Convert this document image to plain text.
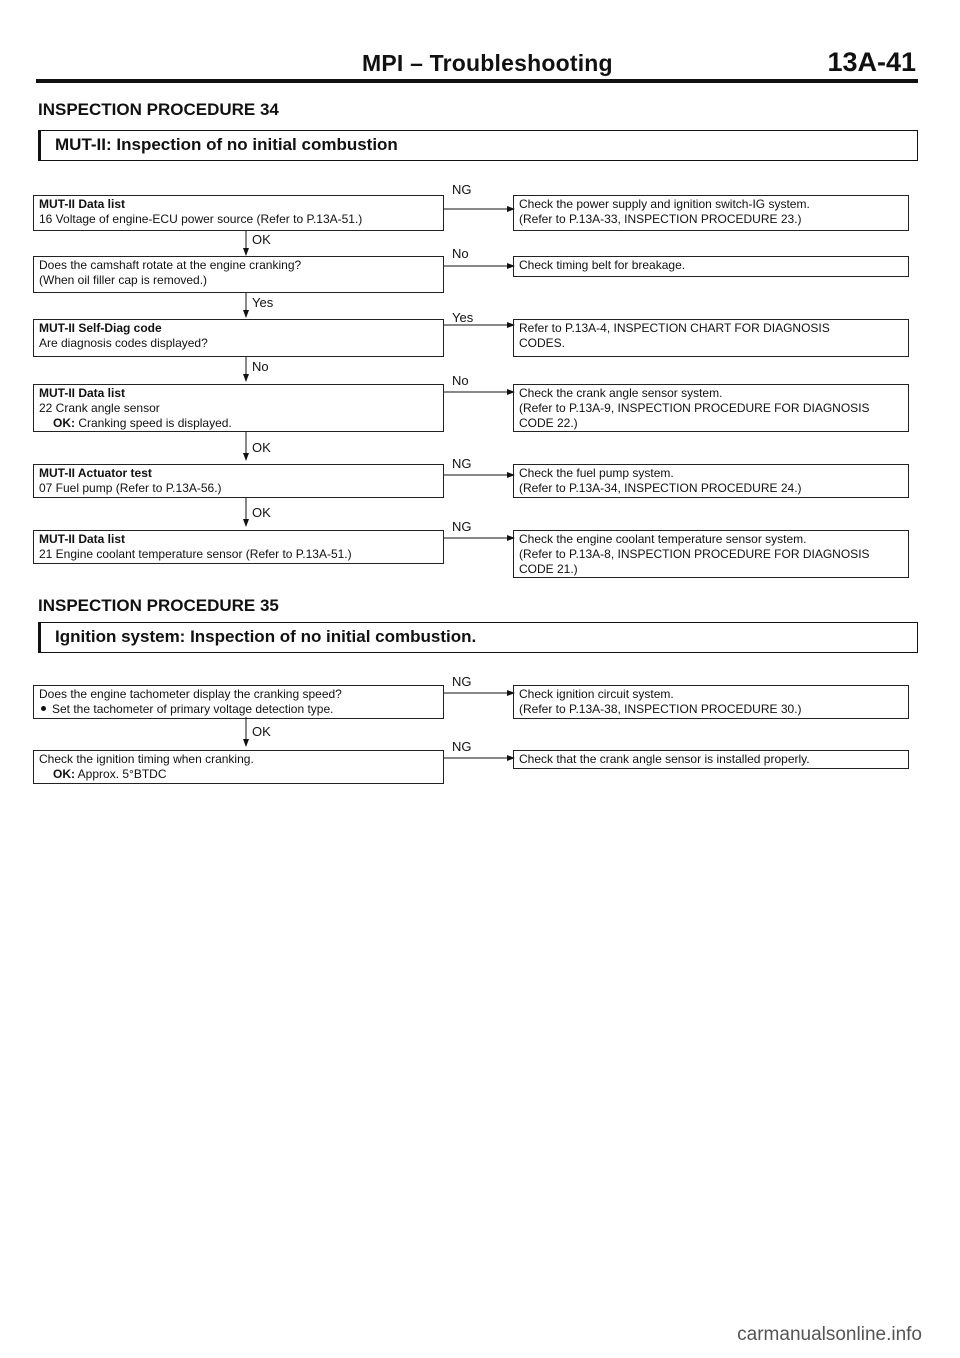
MPI – Troubleshooting	13A-41
INSPECTION PROCEDURE 34
MUT-II: Inspection of no initial combustion
MUT-II Data list
16 Voltage of engine-ECU power source (Refer to P.13A-51.)
NG
Check the power supply and ignition switch-IG system.
(Refer to P.13A-33, INSPECTION PROCEDURE 23.)
OK
Does the camshaft rotate at the engine cranking?
(When oil filler cap is removed.)
No
Check timing belt for breakage.
Yes
MUT-II Self-Diag code
Are diagnosis codes displayed?
Yes
Refer to P.13A-4, INSPECTION CHART FOR DIAGNOSIS
CODES.
No
MUT-II Data list
22 Crank angle sensor
OK: Cranking speed is displayed.
No
Check the crank angle sensor system.
(Refer to P.13A-9, INSPECTION PROCEDURE FOR DIAGNOSIS
CODE 22.)
OK
MUT-II Actuator test
07 Fuel pump (Refer to P.13A-56.)
NG
Check the fuel pump system.
(Refer to P.13A-34, INSPECTION PROCEDURE 24.)
OK
MUT-II Data list
21 Engine coolant temperature sensor (Refer to P.13A-51.)
NG
Check the engine coolant temperature sensor system.
(Refer to P.13A-8, INSPECTION PROCEDURE FOR DIAGNOSIS
CODE 21.)
INSPECTION PROCEDURE 35
Ignition system: Inspection of no initial combustion.
Does the engine tachometer display the cranking speed?
Set the tachometer of primary voltage detection type.
NG
Check ignition circuit system.
(Refer to P.13A-38, INSPECTION PROCEDURE 30.)
OK
Check the ignition timing when cranking.
OK: Approx. 5°BTDC
NG
Check that the crank angle sensor is installed properly.
carmanualsonline.info
